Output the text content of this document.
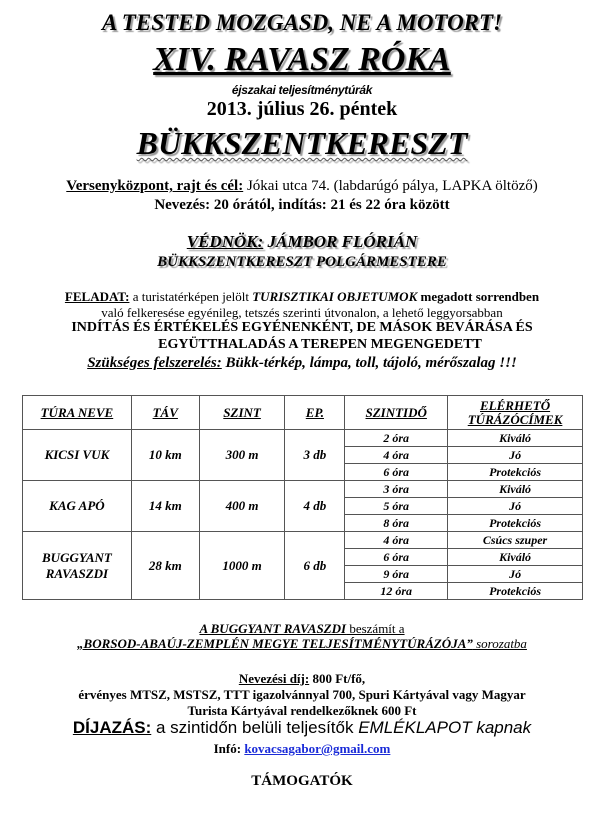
A TESTED MOZGASD, NE A MOTORT!
XIV. RAVASZ RÓKA
éjszakai teljesítménytúrák
2013. július 26. péntek
BÜKKSZENTKERESZT
Versenyközpont, rajt és cél: Jókai utca 74. (labdarúgó pálya, LAPKA öltöző)
Nevezés: 20 órától, indítás: 21 és 22 óra között
VÉDNÖK: JÁMBOR FLÓRIÁN
BÜKKSZENTKERESZT POLGÁRMESTERE
FELADAT: a turistatérképen jelölt TURISZTIKAI OBJETUMOK megadott sorrendben
való felkeresése egyénileg, tetszés szerinti útvonalon, a lehető leggyorsabban
INDÍTÁS ÉS ÉRTÉKELÉS EGYÉNENKÉNT, DE MÁSOK BEVÁRÁSA ÉS
EGYÜTTHALADÁS A TEREPEN MEGENGEDETT
Szükséges felszerelés: Bükk-térkép, lámpa, toll, tájoló, mérőszalag !!!
TÚRA NEVE	TÁV	SZINT	EP.	SZINTIDŐ	ELÉRHETŐ TÚRÁZÓCÍMEK
KICSI VUK	10 km	300 m	3 db	2 óra	Kiváló
				4 óra	Jó
				6 óra	Protekciós
KAG APÓ	14 km	400 m	4 db	3 óra	Kiváló
				5 óra	Jó
				8 óra	Protekciós
BUGGYANT
RAVASZDI	28 km	1000 m	6 db	4 óra	Csúcs szuper
				6 óra	Kiváló
				9 óra	Jó
				12 óra	Protekciós
A BUGGYANT RAVASZDI beszámít a
„BORSOD-ABAÚJ-ZEMPLÉN MEGYE TELJESÍTMÉNYTÚRÁZÓJA” sorozatba
Nevezési díj: 800 Ft/fő,
érvényes MTSZ, MSTSZ, TTT igazolvánnyal 700, Spuri Kártyával vagy Magyar
Turista Kártyával rendelkezőknek 600 Ft
DÍJAZÁS: a szintidőn belüli teljesítők EMLÉKLAPOT kapnak
Infó: kovacsagabor@gmail.com
TÁMOGATÓK
